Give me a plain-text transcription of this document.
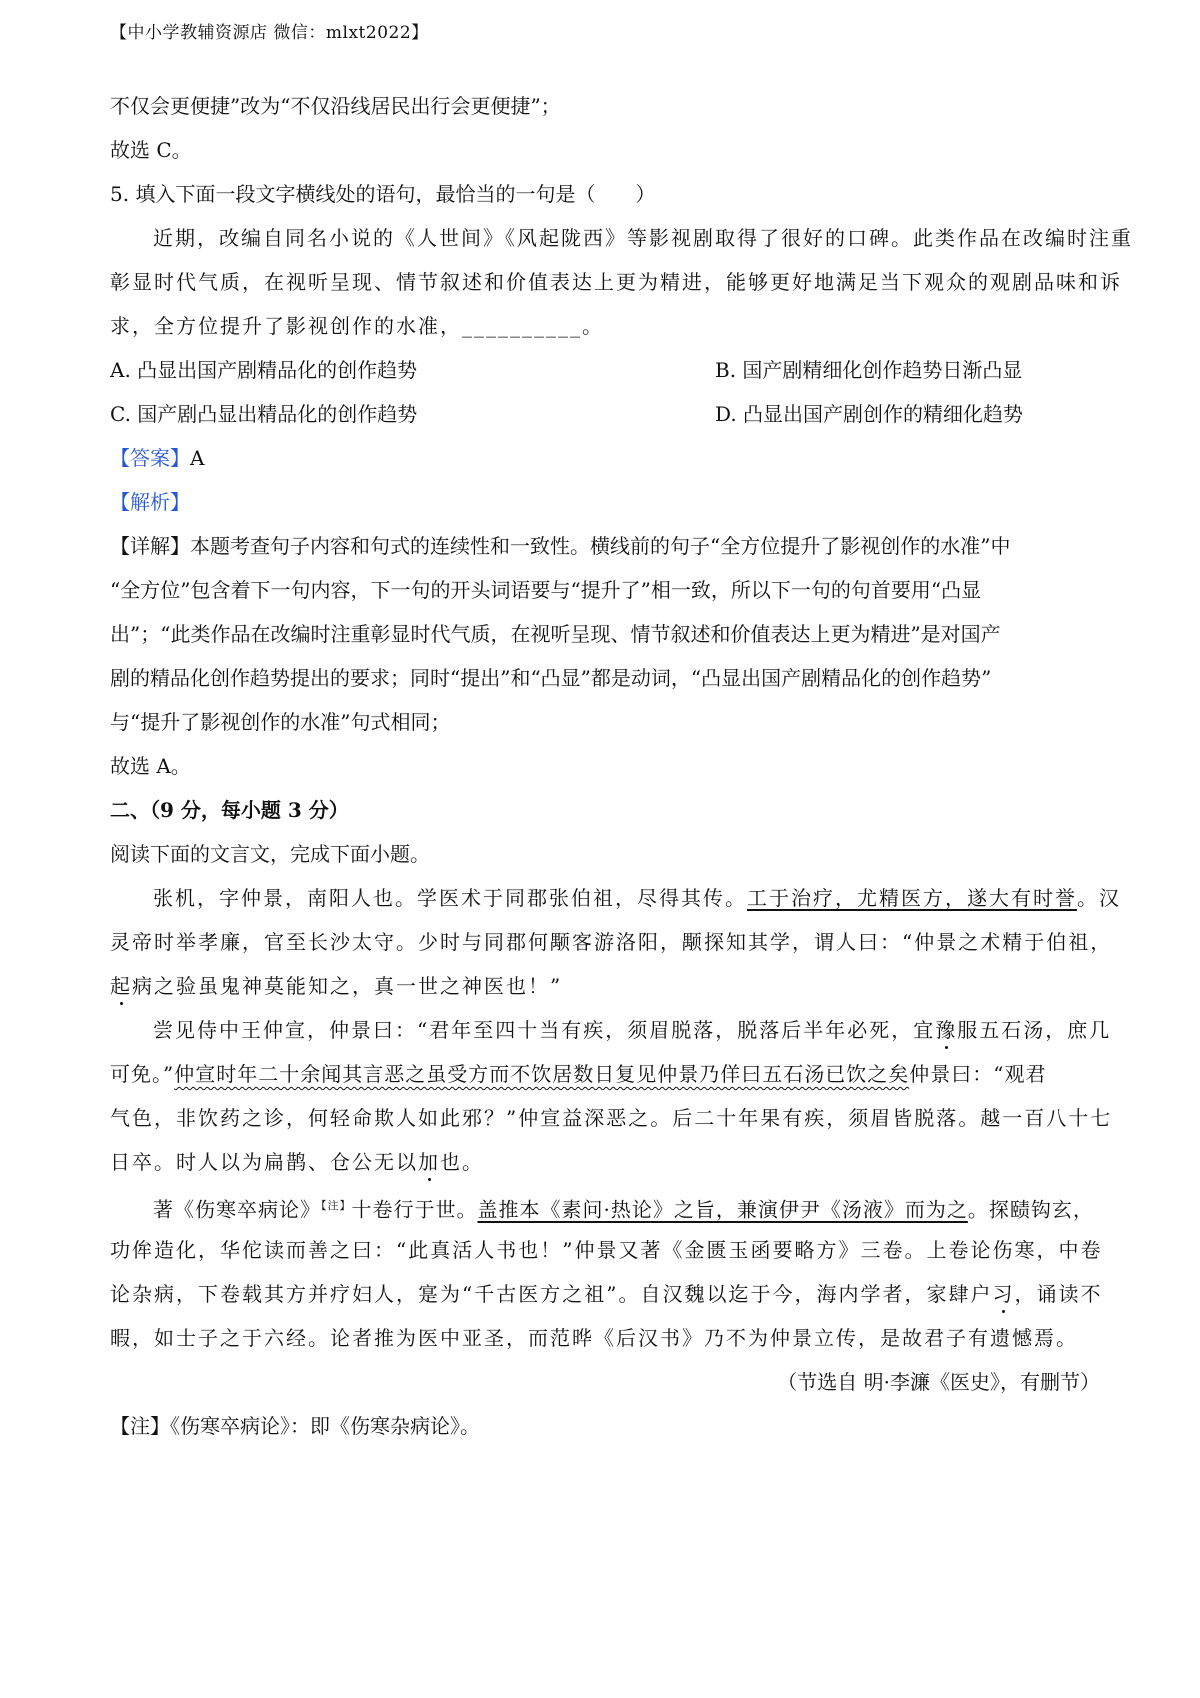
【中小学教辅资源店 微信：mlxt2022】
不仅会更便捷”改为“不仅沿线居民出行会更便捷”；
故选 C。
5. 填入下面一段文字横线处的语句，最恰当的一句是（　　）
近期，改编自同名小说的《人世间》《风起陇西》等影视剧取得了很好的口碑。此类作品在改编时注重
彰显时代气质，在视听呈现、情节叙述和价值表达上更为精进，能够更好地满足当下观众的观剧品味和诉
求，全方位提升了影视创作的水准，__________。
A. 凸显出国产剧精品化的创作趋势	B. 国产剧精细化创作趋势日渐凸显
C. 国产剧凸显出精品化的创作趋势	D. 凸显出国产剧创作的精细化趋势
【答案】A
【解析】
【详解】本题考查句子内容和句式的连续性和一致性。横线前的句子“全方位提升了影视创作的水准”中
“全方位”包含着下一句内容，下一句的开头词语要与“提升了”相一致，所以下一句的句首要用“凸显
出”；“此类作品在改编时注重彰显时代气质，在视听呈现、情节叙述和价值表达上更为精进”是对国产
剧的精品化创作趋势提出的要求；同时“提出”和“凸显”都是动词，“凸显出国产剧精品化的创作趋势”
与“提升了影视创作的水准”句式相同；
故选 A。
二、（9 分，每小题 3 分）
阅读下面的文言文，完成下面小题。
张机，字仲景，南阳人也。学医术于同郡张伯祖，尽得其传。工于治疗，尤精医方，遂大有时誉。汉
灵帝时举孝廉，官至长沙太守。少时与同郡何颙客游洛阳，颙探知其学，谓人曰：“仲景之术精于伯祖，
起病之验虽鬼神莫能知之，真一世之神医也！”
尝见侍中王仲宣，仲景曰：“君年至四十当有疾，须眉脱落，脱落后半年必死，宜豫服五石汤，庶几
可免。”仲宣时年二十余闻其言恶之虽受方而不饮居数日复见仲景乃佯曰五石汤已饮之矣仲景曰：“观君
气色，非饮药之诊，何轻命欺人如此邪？”仲宣益深恶之。后二十年果有疾，须眉皆脱落。越一百八十七
日卒。时人以为扁鹊、仓公无以加也。
著《伤寒卒病论》$^{【注】}$十卷行于世。盖推本《素问·热论》之旨，兼演伊尹《汤液》而为之。探赜钩玄，
功侔造化，华佗读而善之曰：“此真活人书也！”仲景又著《金匮玉函要略方》三卷。上卷论伤寒，中卷
论杂病，下卷载其方并疗妇人，寔为“千古医方之祖”。自汉魏以迄于今，海内学者，家肆户习，诵读不
暇，如士子之于六经。论者推为医中亚圣，而范晔《后汉书》乃不为仲景立传，是故君子有遗憾焉。
（节选自 明·李濂《医史》，有删节）
【注】《伤寒卒病论》：即《伤寒杂病论》。
